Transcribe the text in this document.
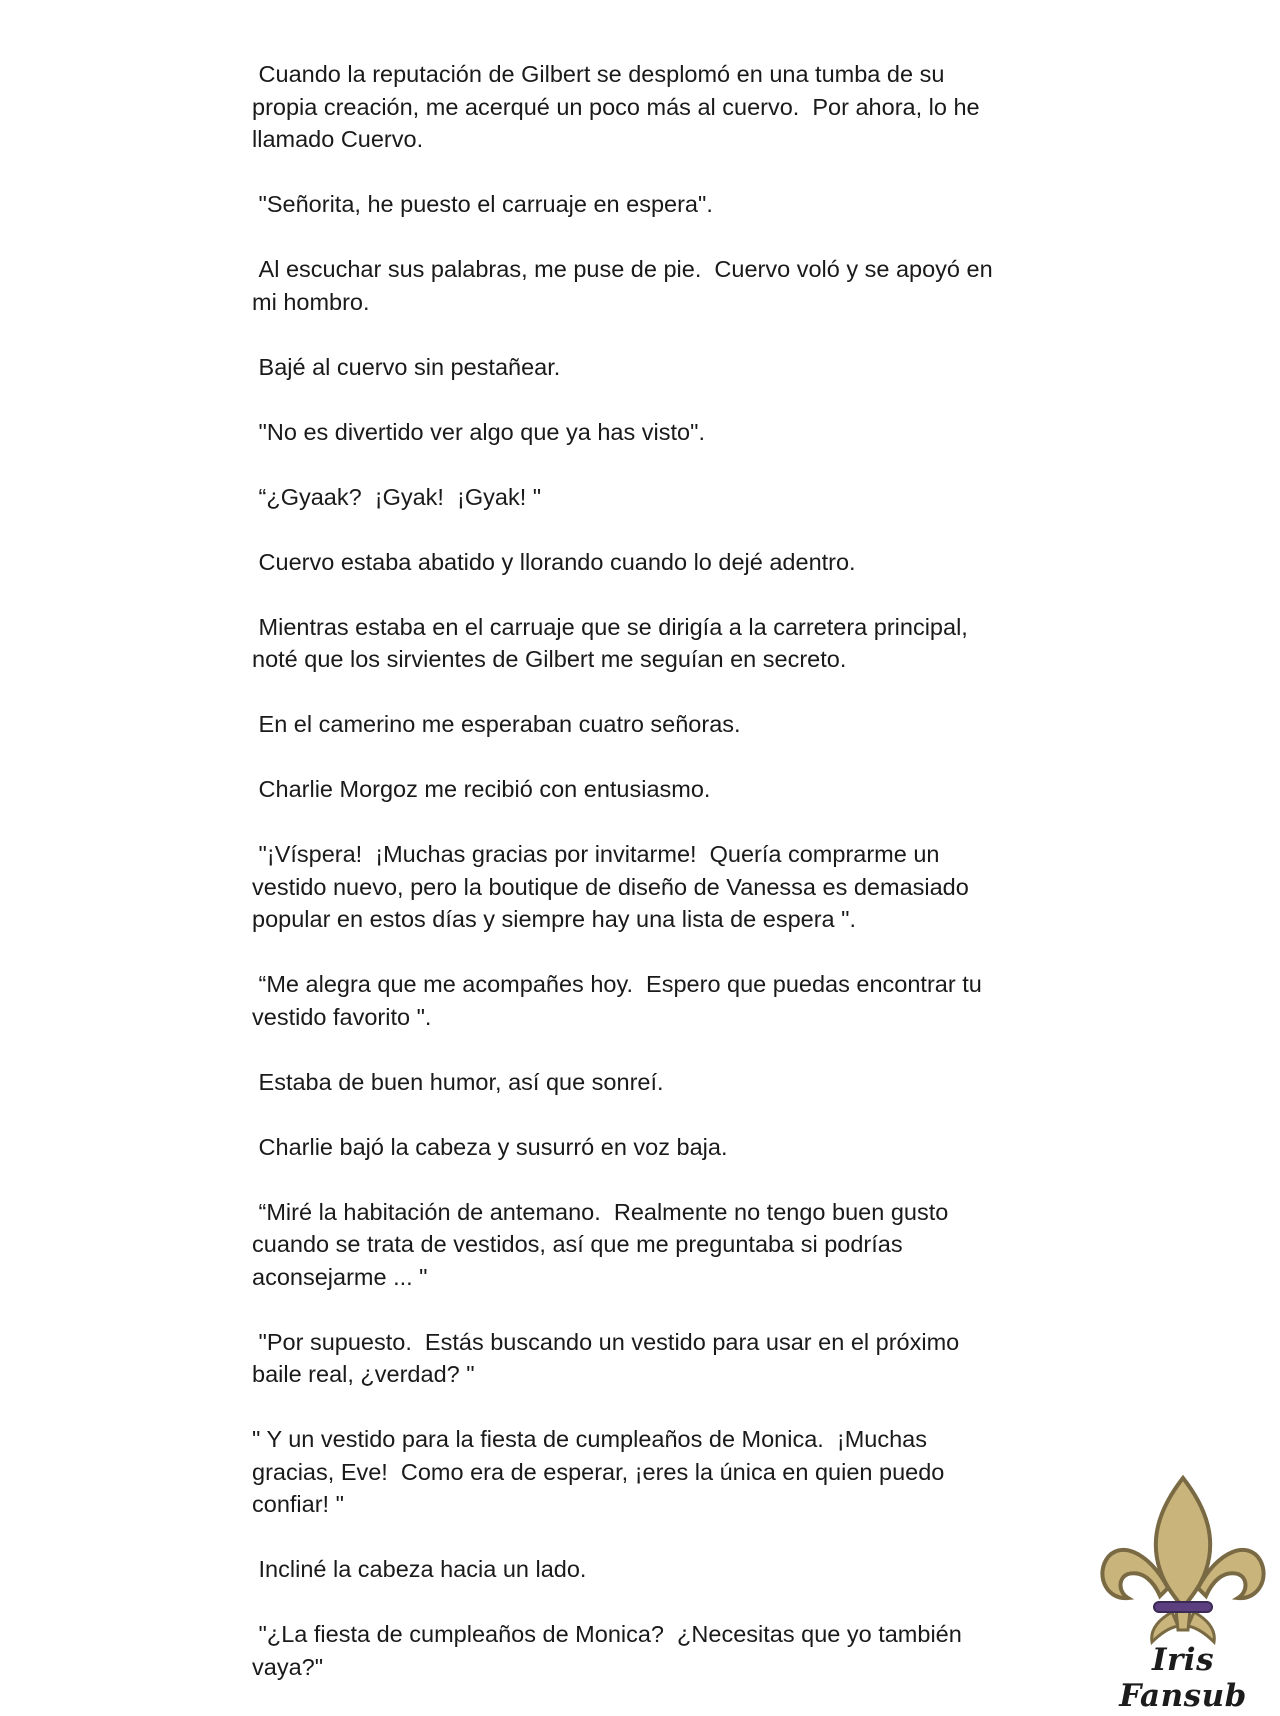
Cuando la reputación de Gilbert se desplomó en una tumba de su
propia creación, me acerqué un poco más al cuervo.  Por ahora, lo he
llamado Cuervo.

"Señorita, he puesto el carruaje en espera".

Al escuchar sus palabras, me puse de pie.  Cuervo voló y se apoyó en
mi hombro.

Bajé al cuervo sin pestañear.

"No es divertido ver algo que ya has visto".

“¿Gyaak?  ¡Gyak!  ¡Gyak! "

Cuervo estaba abatido y llorando cuando lo dejé adentro.

Mientras estaba en el carruaje que se dirigía a la carretera principal,
noté que los sirvientes de Gilbert me seguían en secreto.

En el camerino me esperaban cuatro señoras.

Charlie Morgoz me recibió con entusiasmo.

"¡Víspera!  ¡Muchas gracias por invitarme!  Quería comprarme un
vestido nuevo, pero la boutique de diseño de Vanessa es demasiado
popular en estos días y siempre hay una lista de espera ".

“Me alegra que me acompañes hoy.  Espero que puedas encontrar tu
vestido favorito ".

Estaba de buen humor, así que sonreí.

Charlie bajó la cabeza y susurró en voz baja.

“Miré la habitación de antemano.  Realmente no tengo buen gusto
cuando se trata de vestidos, así que me preguntaba si podrías
aconsejarme ... "

"Por supuesto.  Estás buscando un vestido para usar en el próximo
baile real, ¿verdad? "

" Y un vestido para la fiesta de cumpleaños de Monica.  ¡Muchas
gracias, Eve!  Como era de esperar, ¡eres la única en quien puedo
confiar! "

Incliné la cabeza hacia un lado.

"¿La fiesta de cumpleaños de Monica?  ¿Necesitas que yo también
vaya?"	Iris Fansub
